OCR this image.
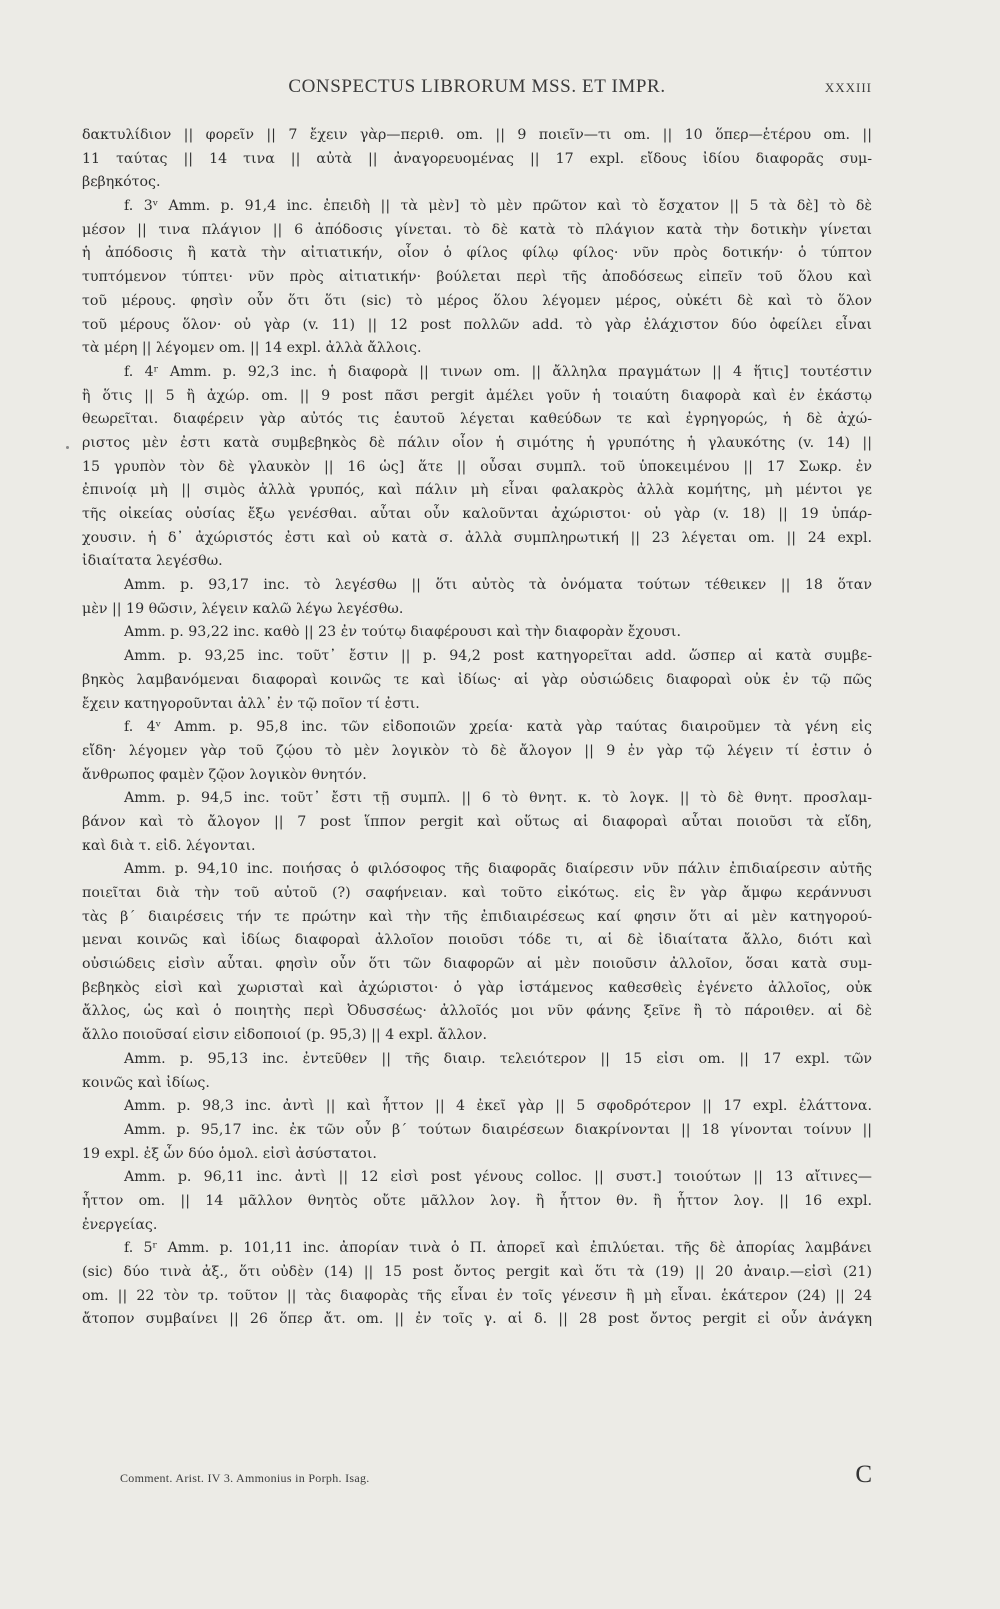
CONSPECTUS LIBRORUM MSS. ET IMPR.	XXXIII
δακτυλίδιον || φορεῖν || 7 ἔχειν γὰρ—περιθ. om. || 9 ποιεῖν—τι om. || 10 ὅπερ—ἑτέρου om. ||
11 ταύτας || 14 τινα || αὐτὰ || ἀναγορευομένας || 17 expl. εἴδους ἰδίου διαφορᾶς συμ-
βεβηκότος.
f. 3ᵛ Amm. p. 91,4 inc. ἐπειδὴ || τὰ μὲν] τὸ μὲν πρῶτον καὶ τὸ ἔσχατον || 5 τὰ δὲ] τὸ δὲ
μέσον || τινα πλάγιον || 6 ἀπόδοσις γίνεται. τὸ δὲ κατὰ τὸ πλάγιον κατὰ τὴν δοτικὴν γίνεται
ἡ ἀπόδοσις ἢ κατὰ τὴν αἰτιατικήν, οἷον ὁ φίλος φίλῳ φίλος· νῦν πρὸς δοτικήν· ὁ τύπτον
τυπτόμενον τύπτει· νῦν πρὸς αἰτιατικήν· βούλεται περὶ τῆς ἀποδόσεως εἰπεῖν τοῦ ὅλου καὶ
τοῦ μέρους. φησὶν οὖν ὅτι ὅτι (sic) τὸ μέρος ὅλου λέγομεν μέρος, οὐκέτι δὲ καὶ τὸ ὅλον
τοῦ μέρους ὅλον· οὐ γὰρ (v. 11) || 12 post πολλῶν add. τὸ γὰρ ἐλάχιστον δύο ὀφείλει εἶναι
τὰ μέρη || λέγομεν om. || 14 expl. ἀλλὰ ἄλλοις.
f. 4ʳ Amm. p. 92,3 inc. ἡ διαφορὰ || τινων om. || ἄλληλα πραγμάτων || 4 ἥτις] τουτέστιν
ἢ ὅτις || 5 ἢ ἀχώρ. om. || 9 post πᾶσι pergit ἀμέλει γοῦν ἡ τοιαύτη διαφορὰ καὶ ἐν ἑκάστῳ
θεωρεῖται. διαφέρειν γὰρ αὐτός τις ἑαυτοῦ λέγεται καθεύδων τε καὶ ἐγρηγορώς, ἡ δὲ ἀχώ-
ριστος μὲν ἐστι κατὰ συμβεβηκὸς δὲ πάλιν οἷον ἡ σιμότης ἡ γρυπότης ἡ γλαυκότης (v. 14) ||
15 γρυπὸν τὸν δὲ γλαυκὸν || 16 ὡς] ἅτε || οὖσαι συμπλ. τοῦ ὑποκειμένου || 17 Σωκρ. ἐν
ἐπινοίᾳ μὴ || σιμὸς ἀλλὰ γρυπός, καὶ πάλιν μὴ εἶναι φαλακρὸς ἀλλὰ κομήτης, μὴ μέντοι γε
τῆς οἰκείας οὐσίας ἔξω γενέσθαι. αὗται οὖν καλοῦνται ἀχώριστοι· οὐ γὰρ (v. 18) || 19 ὑπάρ-
χουσιν. ἡ δ᾽ ἀχώριστός ἐστι καὶ οὐ κατὰ σ. ἀλλὰ συμπληρωτική || 23 λέγεται om. || 24 expl.
ἰδιαίτατα λεγέσθω.
Amm. p. 93,17 inc. τὸ λεγέσθω || ὅτι αὐτὸς τὰ ὀνόματα τούτων τέθεικεν || 18 ὅταν
μὲν || 19 θῶσιν, λέγειν καλῶ λέγω λεγέσθω.
Amm. p. 93,22 inc. καθὸ || 23 ἐν τούτῳ διαφέρουσι καὶ τὴν διαφορὰν ἔχουσι.
Amm. p. 93,25 inc. τοῦτ᾽ ἔστιν || p. 94,2 post κατηγορεῖται add. ὥσπερ αἱ κατὰ συμβε-
βηκὸς λαμβανόμεναι διαφοραὶ κοινῶς τε καὶ ἰδίως· αἱ γὰρ οὐσιώδεις διαφοραὶ οὐκ ἐν τῷ πῶς
ἔχειν κατηγοροῦνται ἀλλ᾽ ἐν τῷ ποῖον τί ἐστι.
f. 4ᵛ Amm. p. 95,8 inc. τῶν εἰδοποιῶν χρεία· κατὰ γὰρ ταύτας διαιροῦμεν τὰ γένη εἰς
εἴδη· λέγομεν γὰρ τοῦ ζῴου τὸ μὲν λογικὸν τὸ δὲ ἄλογον || 9 ἐν γὰρ τῷ λέγειν τί ἐστιν ὁ
ἄνθρωπος φαμὲν ζῷον λογικὸν θνητόν.
Amm. p. 94,5 inc. τοῦτ᾽ ἔστι τῇ συμπλ. || 6 τὸ θνητ. κ. τὸ λογκ. || τὸ δὲ θνητ. προσλαμ-
βάνον καὶ τὸ ἄλογον || 7 post ἵππον pergit καὶ οὕτως αἱ διαφοραὶ αὗται ποιοῦσι τὰ εἴδη,
καὶ διὰ τ. εἰδ. λέγονται.
Amm. p. 94,10 inc. ποιήσας ὁ φιλόσοφος τῆς διαφορᾶς διαίρεσιν νῦν πάλιν ἐπιδιαίρεσιν αὐτῆς
ποιεῖται διὰ τὴν τοῦ αὐτοῦ (?) σαφήνειαν. καὶ τοῦτο εἰκότως. εἰς ἓν γὰρ ἄμφω κεράννυσι
τὰς β´ διαιρέσεις τήν τε πρώτην καὶ τὴν τῆς ἐπιδιαιρέσεως καί φησιν ὅτι αἱ μὲν κατηγορού-
μεναι κοινῶς καὶ ἰδίως διαφοραὶ ἀλλοῖον ποιοῦσι τόδε τι, αἱ δὲ ἰδιαίτατα ἄλλο, διότι καὶ
οὐσιώδεις εἰσὶν αὗται. φησὶν οὖν ὅτι τῶν διαφορῶν αἱ μὲν ποιοῦσιν ἀλλοῖον, ὅσαι κατὰ συμ-
βεβηκὸς εἰσὶ καὶ χωρισταὶ καὶ ἀχώριστοι· ὁ γὰρ ἱστάμενος καθεσθεὶς ἐγένετο ἀλλοῖος, οὐκ
ἄλλος, ὡς καὶ ὁ ποιητὴς περὶ Ὀδυσσέως· ἀλλοῖός μοι νῦν φάνης ξεῖνε ἢ τὸ πάροιθεν. αἱ δὲ
ἄλλο ποιοῦσαί εἰσιν εἰδοποιοί (p. 95,3) || 4 expl. ἄλλον.
Amm. p. 95,13 inc. ἐντεῦθεν || τῆς διαιρ. τελειότερον || 15 εἰσι om. || 17 expl. τῶν
κοινῶς καὶ ἰδίως.
Amm. p. 98,3 inc. ἀντὶ || καὶ ἧττον || 4 ἐκεῖ γὰρ || 5 σφοδρότερον || 17 expl. ἐλάττονα.
Amm. p. 95,17 inc. ἐκ τῶν οὖν β´ τούτων διαιρέσεων διακρίνονται || 18 γίνονται τοίνυν ||
19 expl. ἐξ ὧν δύο ὁμολ. εἰσὶ ἀσύστατοι.
Amm. p. 96,11 inc. ἀντὶ || 12 εἰσὶ post γένους colloc. || συστ.] τοιούτων || 13 αἴτινες—
ἧττον om. || 14 μᾶλλον θνητὸς οὔτε μᾶλλον λογ. ἢ ἧττον θν. ἢ ἧττον λογ. || 16 expl.
ἐνεργείας.
f. 5ʳ Amm. p. 101,11 inc. ἀπορίαν τινὰ ὁ Π. ἀπορεῖ καὶ ἐπιλύεται. τῆς δὲ ἀπορίας λαμβάνει
(sic) δύο τινὰ ἀξ., ὅτι οὐδὲν (14) || 15 post ὄντος pergit καὶ ὅτι τὰ (19) || 20 ἀναιρ.—εἰσὶ (21)
om. || 22 τὸν τρ. τοῦτον || τὰς διαφορὰς τῆς εἶναι ἐν τοῖς γένεσιν ἢ μὴ εἶναι. ἑκάτερον (24) || 24
ἄτοπον συμβαίνει || 26 ὅπερ ἄτ. om. || ἐν τοῖς γ. αἱ δ. || 28 post ὄντος pergit εἰ οὖν ἀνάγκη
Comment. Arist. IV 3. Ammonius in Porph. Isag.	C
